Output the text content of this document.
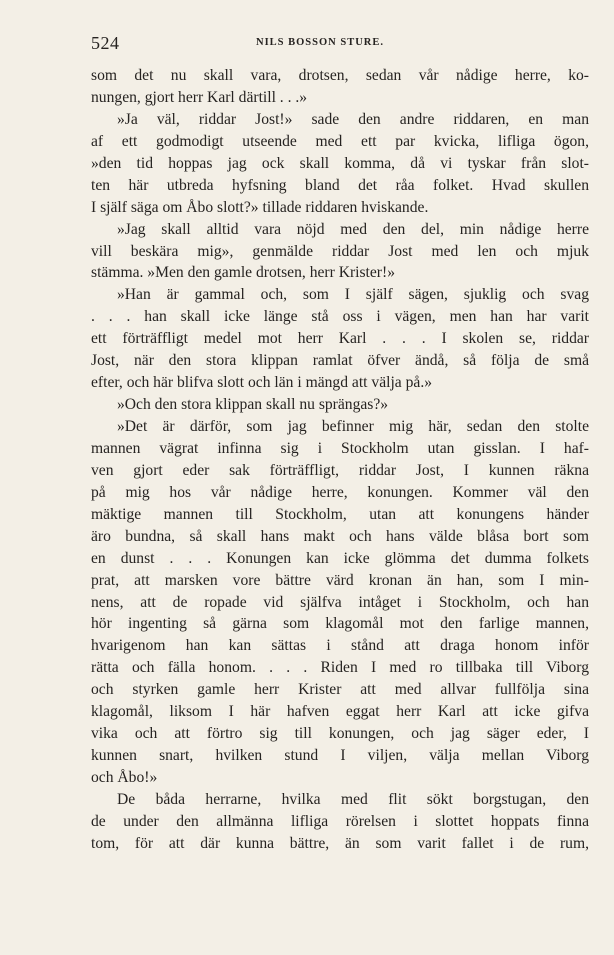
524	NILS BOSSON STURE.
som det nu skall vara, drotsen, sedan vår nådige herre, ko-
nungen, gjort herr Karl därtill . . .»
»Ja väl, riddar Jost!» sade den andre riddaren, en man
af ett godmodigt utseende med ett par kvicka, lifliga ögon,
»den tid hoppas jag ock skall komma, då vi tyskar från slot-
ten här utbreda hyfsning bland det råa folket. Hvad skullen
I själf säga om Åbo slott?» tillade riddaren hviskande.
»Jag skall alltid vara nöjd med den del, min nådige herre
vill beskära mig», genmälde riddar Jost med len och mjuk
stämma. »Men den gamle drotsen, herr Krister!»
»Han är gammal och, som I själf sägen, sjuklig och svag
. . . han skall icke länge stå oss i vägen, men han har varit
ett förträffligt medel mot herr Karl . . . I skolen se, riddar
Jost, när den stora klippan ramlat öfver ändå, så följa de små
efter, och här blifva slott och län i mängd att välja på.»
»Och den stora klippan skall nu sprängas?»
»Det är därför, som jag befinner mig här, sedan den stolte
mannen vägrat infinna sig i Stockholm utan gisslan. I haf-
ven gjort eder sak förträffligt, riddar Jost, I kunnen räkna
på mig hos vår nådige herre, konungen. Kommer väl den
mäktige mannen till Stockholm, utan att konungens händer
äro bundna, så skall hans makt och hans välde blåsa bort som
en dunst . . . Konungen kan icke glömma det dumma folkets
prat, att marsken vore bättre värd kronan än han, som I min-
nens, att de ropade vid själfva intåget i Stockholm, och han
hör ingenting så gärna som klagomål mot den farlige mannen,
hvarigenom han kan sättas i stånd att draga honom inför
rätta och fälla honom. . . . Riden I med ro tillbaka till Viborg
och styrken gamle herr Krister att med allvar fullfölja sina
klagomål, liksom I här hafven eggat herr Karl att icke gifva
vika och att förtro sig till konungen, och jag säger eder, I
kunnen snart, hvilken stund I viljen, välja mellan Viborg
och Åbo!»
De båda herrarne, hvilka med flit sökt borgstugan, den
de under den allmänna lifliga rörelsen i slottet hoppats finna
tom, för att där kunna bättre, än som varit fallet i de rum,
